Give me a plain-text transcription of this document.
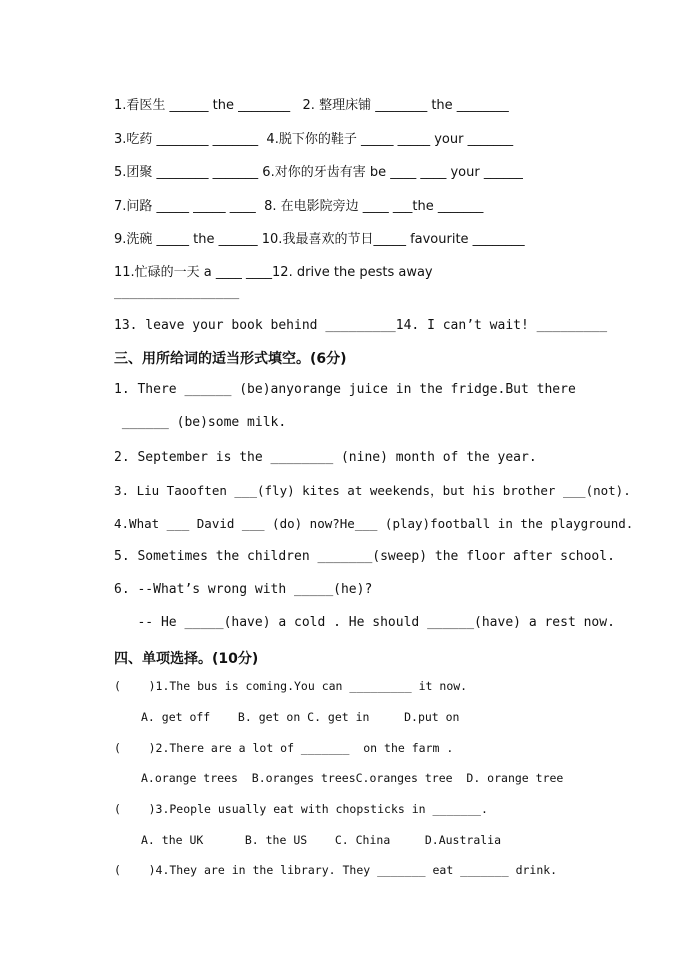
1.看医生 ______ the ________   2. 整理床铺 ________ the ________
3.吃药 ________ _______  4.脱下你的鞋子 _____ _____ your _______
5.团聚 ________ _______ 6.对你的牙齿有害 be ____ ____ your ______
7.问路 _____ _____ ____  8. 在电影院旁边 ____ ___the _______
9.洗碗 _____ the ______ 10.我最喜欢的节日_____ favourite ________
11.忙碌的一天 a ____ ____12. drive the pests away
________________
13. leave your book behind _________14. I can’t wait! _________
三、用所给词的适当形式填空。(6分)
1. There ______ (be)anyorange juice in the fridge.But there
______ (be)some milk.
2. September is the ________ (nine) month of the year.
3. Liu Taooften ___(fly) kites at weekends，but his brother ___(not).
4.What ___ David ___ (do) now?He___ (play)football in the playground.
5. Sometimes the children _______(sweep) the floor after school.
6. --What’s wrong with _____(he)?
-- He _____(have) a cold . He should ______(have) a rest now.
四、单项选择。(10分)
(    )1.The bus is coming.You can _________ it now.
A. get off    B. get on C. get in     D.put on
(    )2.There are a lot of _______  on the farm .
A.orange trees  B.oranges treesC.oranges tree  D. orange tree
(    )3.People usually eat with chopsticks in _______.
A. the UK      B. the US    C. China     D.Australia
(    )4.They are in the library. They _______ eat _______ drink.
